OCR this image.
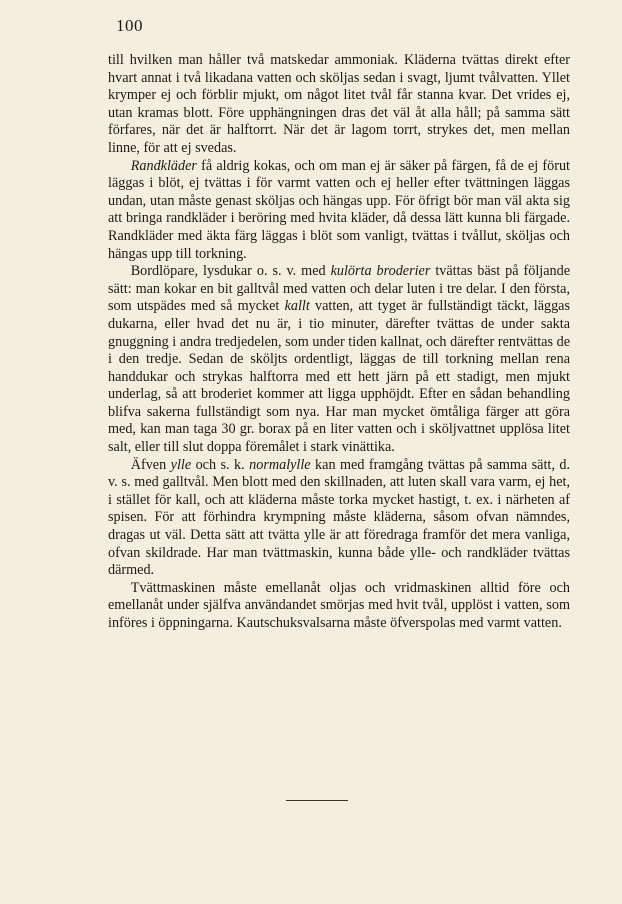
100

till hvilken man håller två matskedar ammoniak. Kläderna tvättas direkt efter hvart annat i två likadana vatten och sköljas sedan i svagt, ljumt tvålvatten. Yllet krymper ej och förblir mjukt, om något litet tvål får stanna kvar. Det vrides ej, utan kramas blott. Före upphängningen dras det väl åt alla håll; på samma sätt förfares, när det är halftorrt. När det är lagom torrt, strykes det, men mellan linne, för att ej svedas.

Randkläder få aldrig kokas, och om man ej är säker på färgen, få de ej förut läggas i blöt, ej tvättas i för varmt vatten och ej heller efter tvättningen läggas undan, utan måste genast sköljas och hängas upp. För öfrigt bör man väl akta sig att bringa randkläder i beröring med hvita kläder, då dessa lätt kunna bli färgade. Randkläder med äkta färg läggas i blöt som vanligt, tvättas i tvållut, sköljas och hängas upp till torkning.

Bordlöpare, lysdukar o. s. v. med kulörta broderier tvättas bäst på följande sätt: man kokar en bit galltvål med vatten och delar luten i tre delar. I den första, som utspädes med så mycket kallt vatten, att tyget är fullständigt täckt, läggas dukarna, eller hvad det nu är, i tio minuter, därefter tvättas de under sakta gnuggning i andra tredjedelen, som under tiden kallnat, och därefter rentvättas de i den tredje. Sedan de sköljts ordentligt, läggas de till torkning mellan rena handdukar och strykas halftorra med ett hett järn på ett stadigt, men mjukt underlag, så att broderiet kommer att ligga upphöjdt. Efter en sådan behandling blifva sakerna fullständigt som nya. Har man mycket ömtåliga färger att göra med, kan man taga 30 gr. borax på en liter vatten och i sköljvattnet upplösa litet salt, eller till slut doppa föremålet i stark vinättika.

Äfven ylle och s. k. normalylle kan med framgång tvättas på samma sätt, d. v. s. med galltvål. Men blott med den skillnaden, att luten skall vara varm, ej het, i stället för kall, och att kläderna måste torka mycket hastigt, t. ex. i närheten af spisen. För att förhindra krympning måste kläderna, såsom ofvan nämndes, dragas ut väl. Detta sätt att tvätta ylle är att föredraga framför det mera vanliga, ofvan skildrade. Har man tvättmaskin, kunna både ylle- och randkläder tvättas därmed.

Tvättmaskinen måste emellanåt oljas och vridmaskinen alltid före och emellanåt under själfva användandet smörjas med hvit tvål, upplöst i vatten, som införes i öppningarna. Kautschuksvalsarna måste öfverspolas med varmt vatten.
